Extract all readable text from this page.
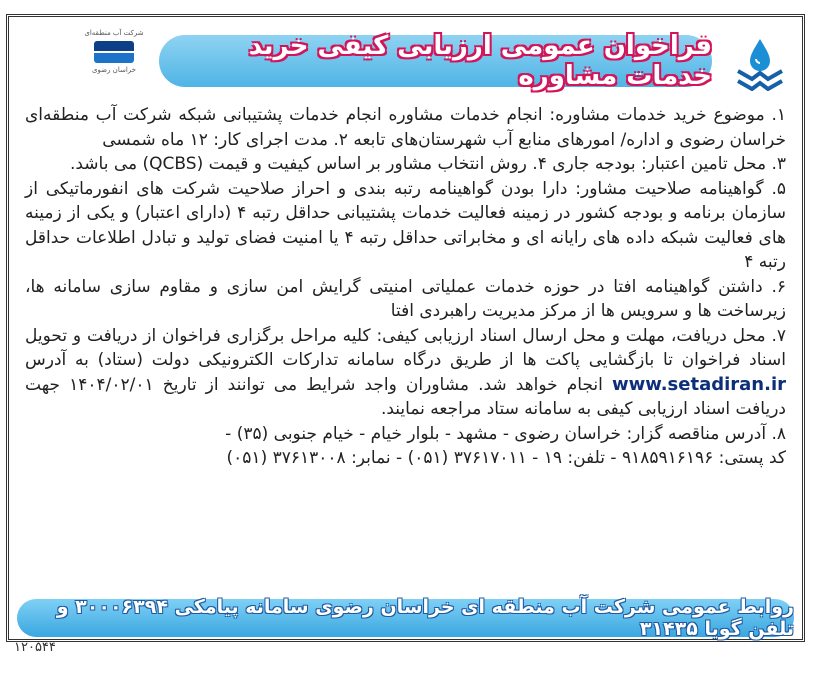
شرکت آب منطقه‌ای
خراسان رضوی
فراخوان عمومی ارزیابی کیفی خرید خدمات مشاوره

۱. موضوع خرید خدمات مشاوره: انجام خدمات مشاوره انجام خدمات پشتیبانی شبکه شرکت آب منطقه‌ای خراسان رضوی و اداره/ امورهای منابع آب شهرستان‌های تابعه ۲. مدت اجرای کار: ۱۲ ماه شمسی

۳. محل تامین اعتبار: بودجه جاری ۴. روش انتخاب مشاور بر اساس کیفیت و قیمت (QCBS) می باشد.

۵. گواهینامه صلاحیت مشاور: دارا بودن گواهینامه رتبه بندی و احراز صلاحیت شرکت های انفورماتیکی از سازمان برنامه و بودجه کشور در زمینه فعالیت خدمات پشتیبانی حداقل رتبه ۴ (دارای اعتبار) و یکی از زمینه های فعالیت شبکه داده های رایانه ای و مخابراتی حداقل رتبه ۴ یا امنیت فضای تولید و تبادل اطلاعات حداقل رتبه ۴

۶. داشتن گواهینامه افتا در حوزه خدمات عملیاتی امنیتی گرایش امن سازی و مقاوم سازی سامانه ها، زیرساخت ها و سرویس ها از مرکز مدیریت راهبردی افتا

۷. محل دریافت، مهلت و محل ارسال اسناد ارزیابی کیفی: کلیه مراحل برگزاری فراخوان از دریافت و تحویل اسناد فراخوان تا بازگشایی پاکت ها از طریق درگاه سامانه تدارکات الکترونیکی دولت (ستاد) به آدرس www.setadiran.ir انجام خواهد شد. مشاوران واجد شرایط می توانند از تاریخ ۱۴۰۴/۰۲/۰۱ جهت دریافت اسناد ارزیابی کیفی به سامانه ستاد مراجعه نمایند.

۸. آدرس مناقصه گزار: خراسان رضوی - مشهد - بلوار خیام - خیام جنوبی (۳۵) -

کد پستی: ۹۱۸۵۹۱۶۱۹۶ - تلفن: ۱۹ - ۳۷۶۱۷۰۱۱ (۰۵۱) - نمابر: ۳۷۶۱۳۰۰۸ (۰۵۱)

روابط عمومی شرکت آب منطقه ای خراسان رضوی سامانه پیامکی ۳۰۰۰۶۳۹۴ و تلفن گویا ۳۱۴۳۵
۱۲۰۵۴۴
